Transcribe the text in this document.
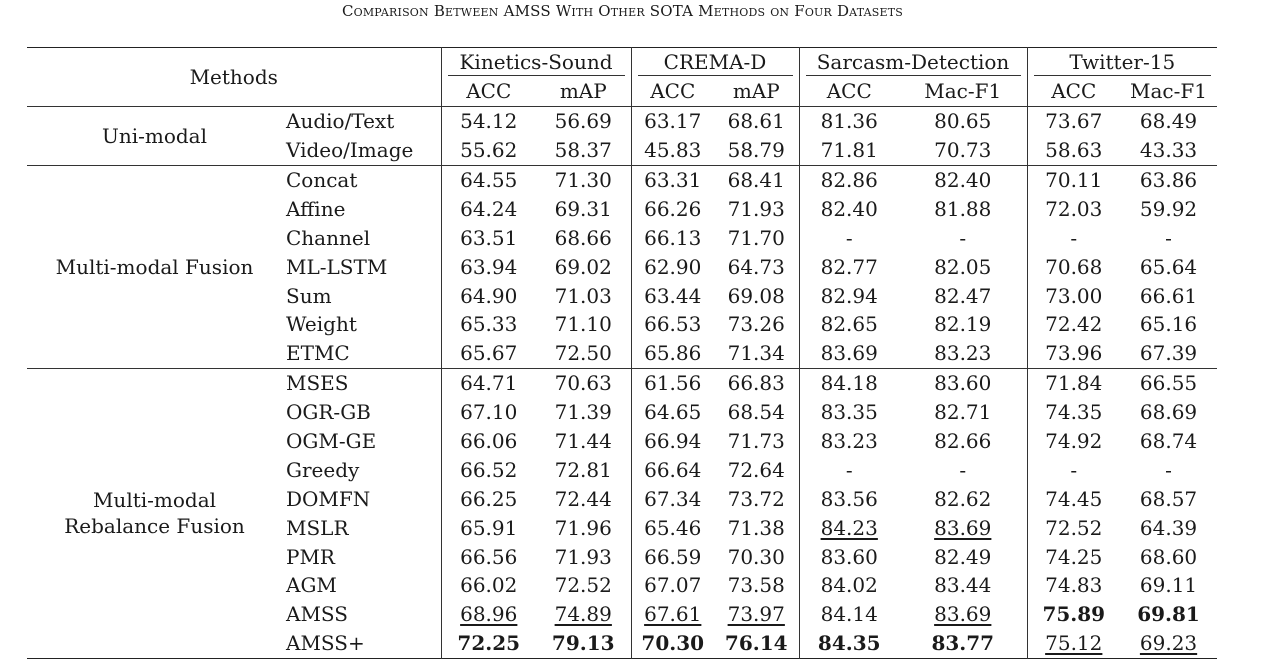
Comparison Between AMSS With Other SOTA Methods on Four Datasets
Methods		Kinetics-Sound		CREMA-D		Sarcasm-Detection		Twitter-15	

		ACC	mAP	ACC	mAP	ACC	Mac-F1	ACC	Mac-F1

Uni-modal	Audio/Text	54.12	56.69	63.17	68.61	81.36	80.65	73.67	68.49
	Video/Image	55.62	58.37	45.83	58.79	71.81	70.73	58.63	43.33

Multi-modal Fusion	Concat	64.55	71.30	63.31	68.41	82.86	82.40	70.11	63.86
	Affine	64.24	69.31	66.26	71.93	82.40	81.88	72.03	59.92
	Channel	63.51	68.66	66.13	71.70	-	-	-	-
	ML-LSTM	63.94	69.02	62.90	64.73	82.77	82.05	70.68	65.64
	Sum	64.90	71.03	63.44	69.08	82.94	82.47	73.00	66.61
	Weight	65.33	71.10	66.53	73.26	82.65	82.19	72.42	65.16
	ETMC	65.67	72.50	65.86	71.34	83.69	83.23	73.96	67.39

Multi-modal
Rebalance Fusion	MSES	64.71	70.63	61.56	66.83	84.18	83.60	71.84	66.55
	OGR-GB	67.10	71.39	64.65	68.54	83.35	82.71	74.35	68.69
	OGM-GE	66.06	71.44	66.94	71.73	83.23	82.66	74.92	68.74
	Greedy	66.52	72.81	66.64	72.64	-	-	-	-
	DOMFN	66.25	72.44	67.34	73.72	83.56	82.62	74.45	68.57
	MSLR	65.91	71.96	65.46	71.38	84.23	83.69	72.52	64.39
	PMR	66.56	71.93	66.59	70.30	83.60	82.49	74.25	68.60
	AGM	66.02	72.52	67.07	73.58	84.02	83.44	74.83	69.11
	AMSS	68.96	74.89	67.61	73.97	84.14	83.69	75.89	69.81
	AMSS+	72.25	79.13	70.30	76.14	84.35	83.77	75.12	69.23
